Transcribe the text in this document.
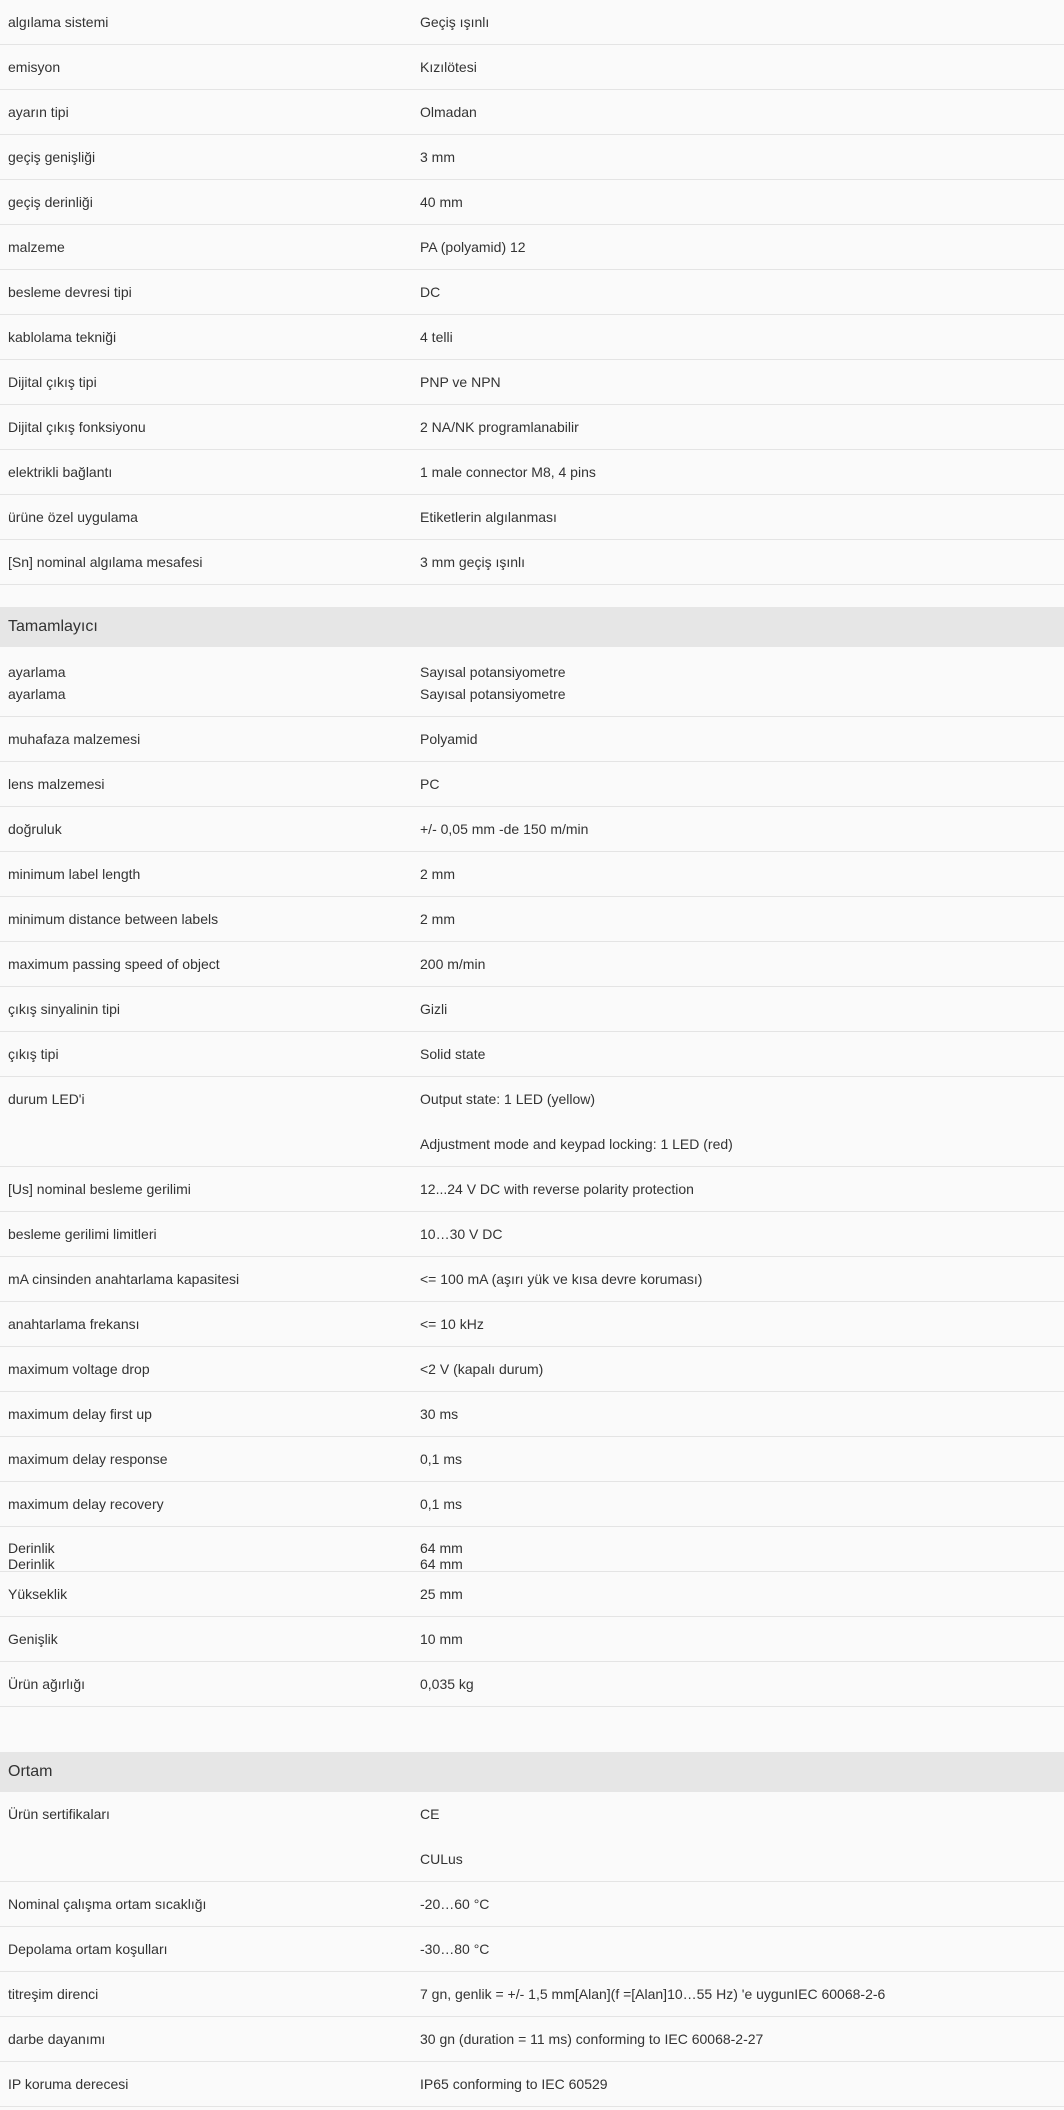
algılama sistemi	Geçiş ışınlı
emisyon	Kızılötesi
ayarın tipi	Olmadan
geçiş genişliği	3 mm
geçiş derinliği	40 mm
malzeme	PA (polyamid) 12
besleme devresi tipi	DC
kablolama tekniği	4 telli
Dijital çıkış tipi	PNP ve NPN
Dijital çıkış fonksiyonu	2 NA/NK programlanabilir
elektrikli bağlantı	1 male connector M8, 4 pins
ürüne özel uygulama	Etiketlerin algılanması
[Sn] nominal algılama mesafesi	3 mm geçiş ışınlı
Tamamlayıcı
ayarlama	Sayısal potansiyometre
ayarlama	Sayısal potansiyometre
muhafaza malzemesi	Polyamid
lens malzemesi	PC
doğruluk	+/- 0,05 mm -de 150 m/min
minimum label length	2 mm
minimum distance between labels	2 mm
maximum passing speed of object	200 m/min
çıkış sinyalinin tipi	Gizli
çıkış tipi	Solid state
durum LED'i	Output state: 1 LED (yellow)
Adjustment mode and keypad locking: 1 LED (red)
[Us] nominal besleme gerilimi	12...24 V DC with reverse polarity protection
besleme gerilimi limitleri	10…30 V DC
mA cinsinden anahtarlama kapasitesi	<= 100 mA (aşırı yük ve kısa devre koruması)
anahtarlama frekansı	<= 10 kHz
maximum voltage drop	<2 V (kapalı durum)
maximum delay first up	30 ms
maximum delay response	0,1 ms
maximum delay recovery	0,1 ms
Derinlik	64 mm
Derinlik	64 mm
Yükseklik	25 mm
Genişlik	10 mm
Ürün ağırlığı	0,035 kg
Ortam
Ürün sertifikaları	CE
CULus
Nominal çalışma ortam sıcaklığı	-20…60 °C
Depolama ortam koşulları	-30…80 °C
titreşim direnci	7 gn, genlik = +/- 1,5 mm[Alan](f =[Alan]10…55 Hz) 'e uygunIEC 60068-2-6
darbe dayanımı	30 gn (duration = 11 ms) conforming to IEC 60068-2-27
IP koruma derecesi	IP65 conforming to IEC 60529
